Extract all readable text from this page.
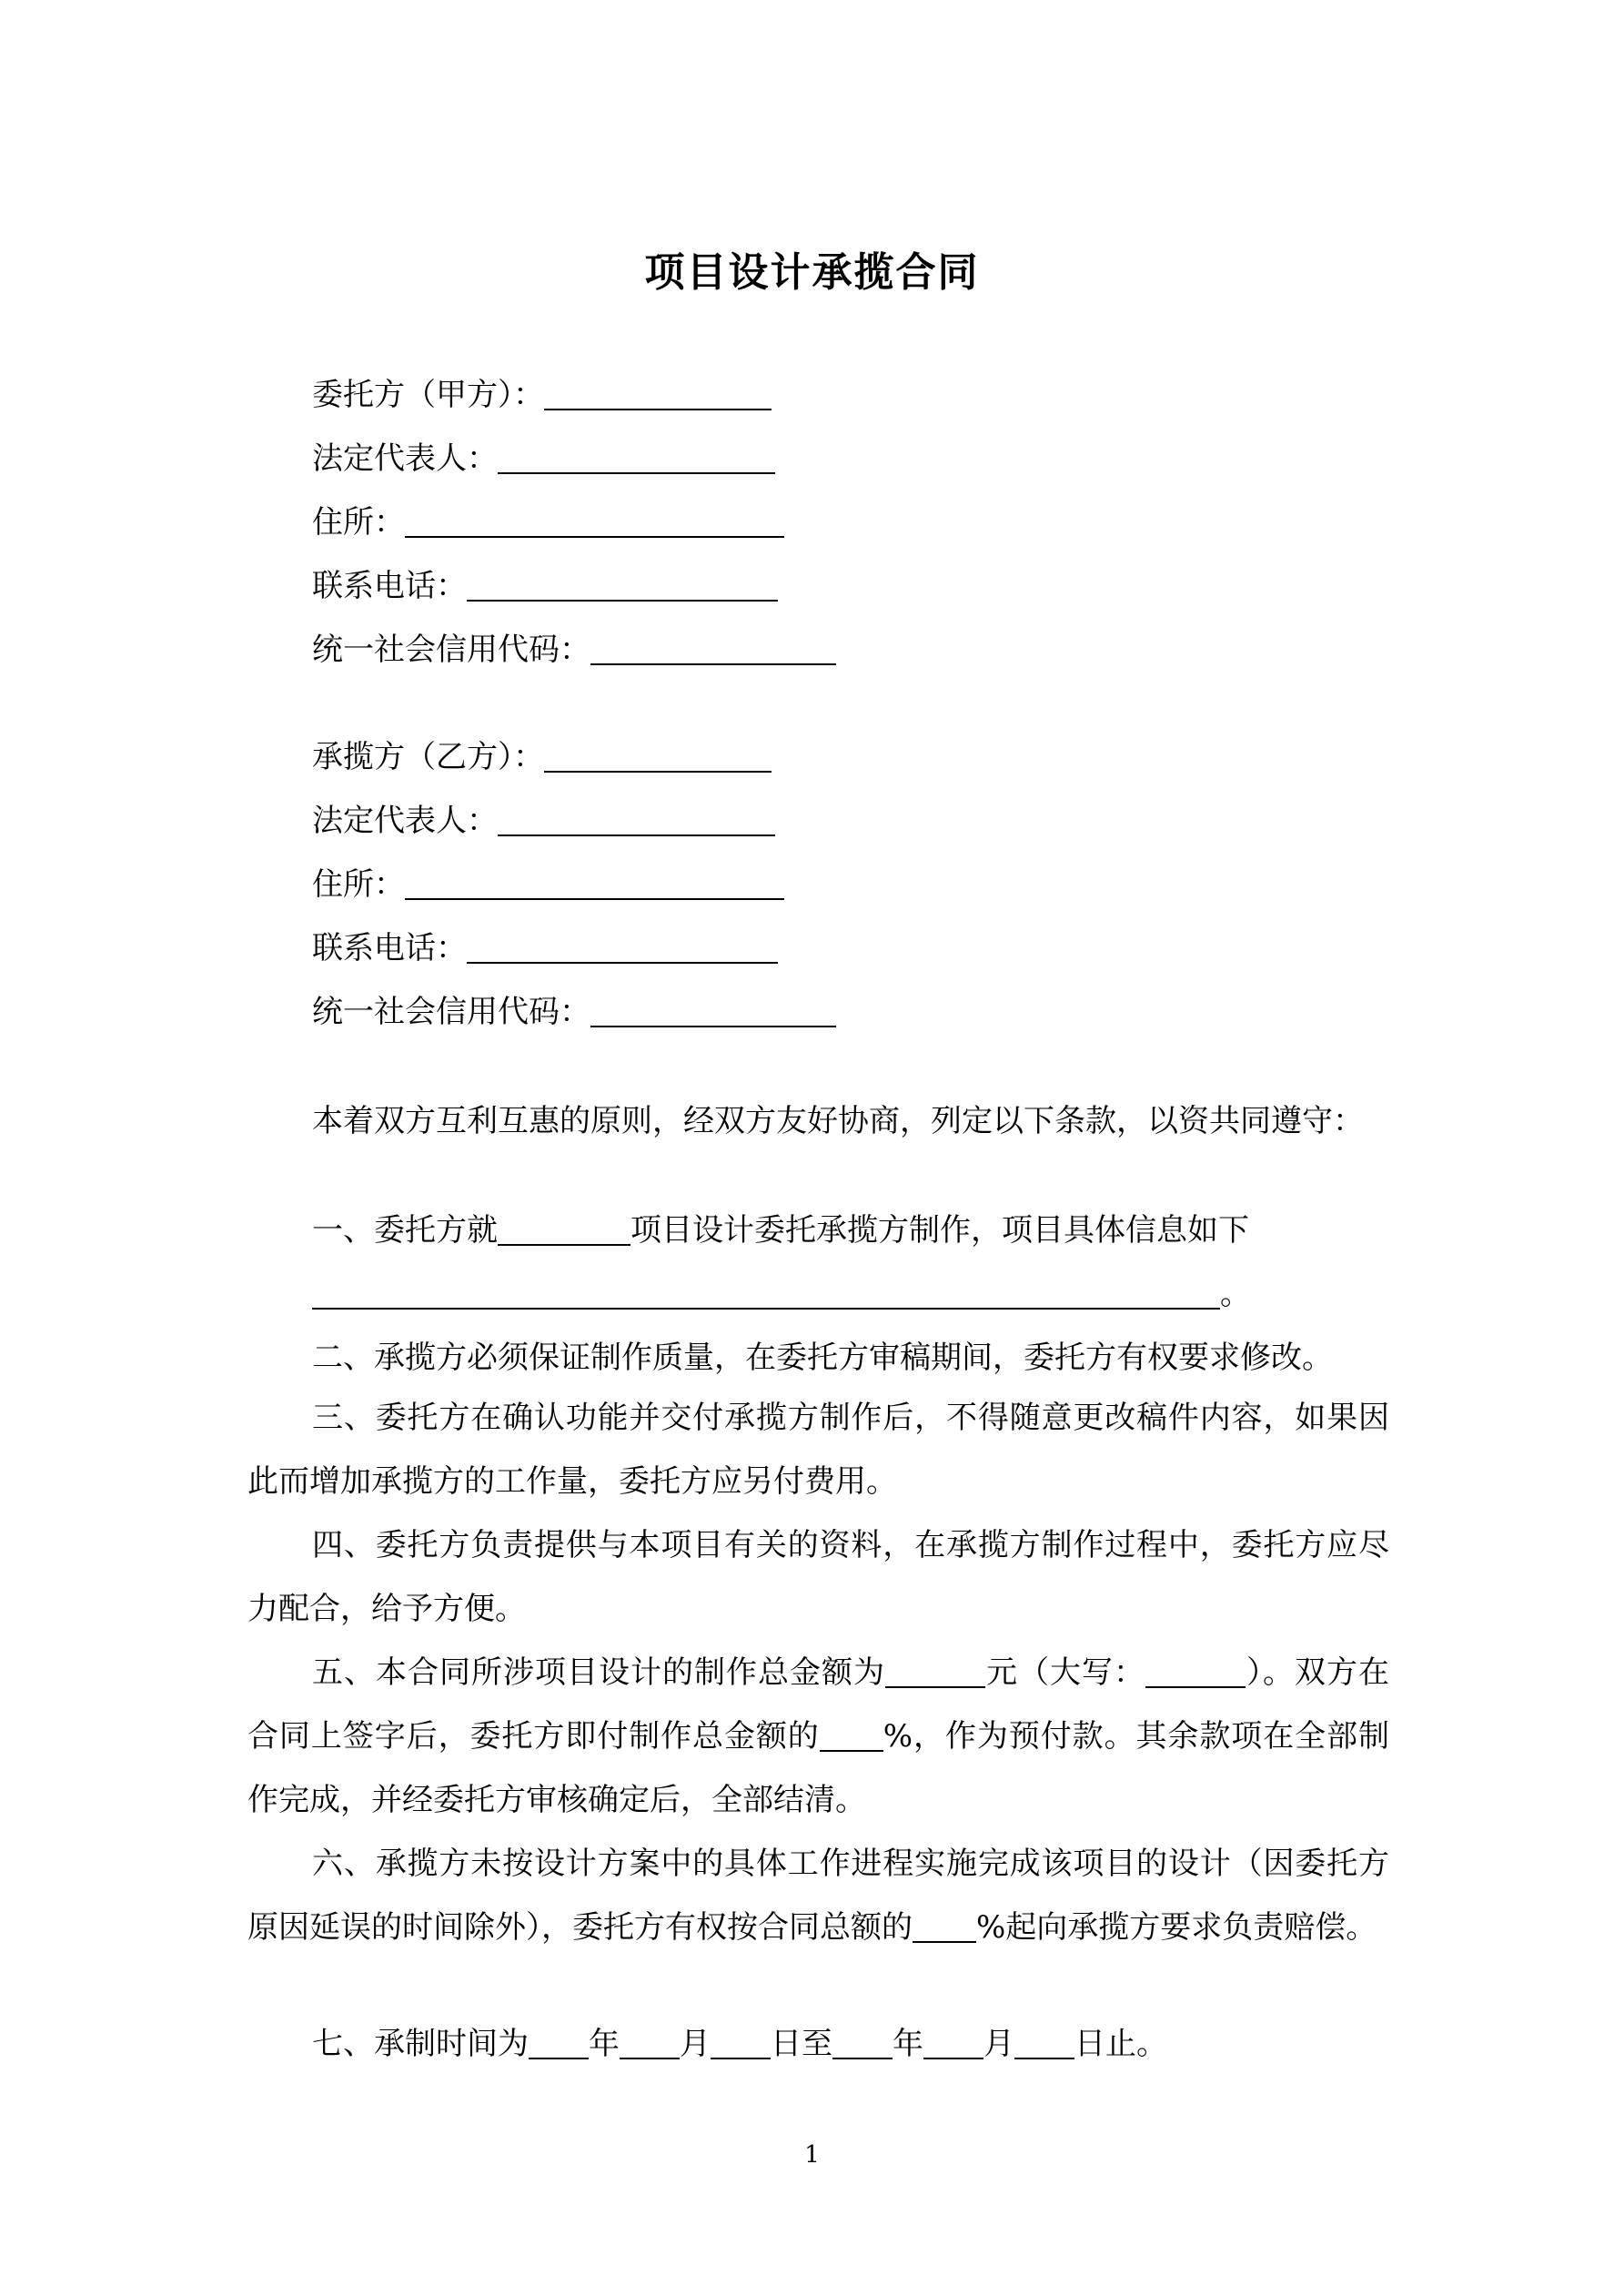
项目设计承揽合同
委托方（甲方）：
法定代表人：
住所：
联系电话：
统一社会信用代码：
承揽方（乙方）：
法定代表人：
住所：
联系电话：
统一社会信用代码：
本着双方互利互惠的原则，经双方友好协商，列定以下条款，以资共同遵守：
一、委托方就	项目设计委托承揽方制作，项目具体信息如下
。
二、承揽方必须保证制作质量，在委托方审稿期间，委托方有权要求修改。
三、委托方在确认功能并交付承揽方制作后，不得随意更改稿件内容，如果因此而增加承揽方的工作量，委托方应另付费用。
四、委托方负责提供与本项目有关的资料，在承揽方制作过程中，委托方应尽力配合，给予方便。
五、本合同所涉项目设计的制作总金额为	元（大写：	）。双方在合同上签字后，委托方即付制作总金额的 %，作为预付款。其余款项在全部制作完成，并经委托方审核确定后，全部结清。
六、承揽方未按设计方案中的具体工作进程实施完成该项目的设计（因委托方原因延误的时间除外），委托方有权按合同总额的 %起向承揽方要求负责赔偿。
七、承制时间为 年 月 日至 年 月 日止。
1
